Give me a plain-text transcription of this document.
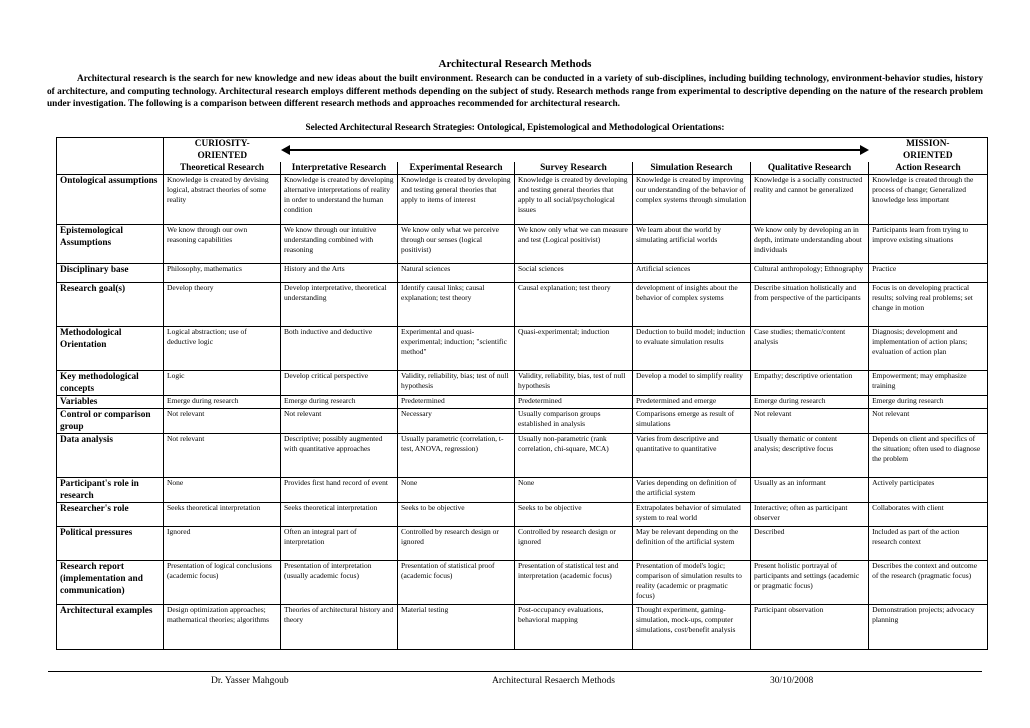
Architectural Research Methods
Architectural research is the search for new knowledge and new ideas about the built environment. Research can be conducted in a variety of sub-disciplines, including building technology, environment-behavior studies, history of architecture, and computing technology. Architectural research employs different methods depending on the subject of study. Research methods range from experimental to descriptive depending on the nature of the research problem under investigation. The following is a comparison between different research methods and approaches recommended for architectural research.
Selected Architectural Research Strategies: Ontological, Epistemological and Methodological Orientations:
	CURIOSITY-ORIENTED						MISSION-ORIENTED
	Theoretical Research	Interpretative Research	Experimental Research	Survey Research	Simulation Research	Qualitative Research	Action Research
Ontological assumptions	Knowledge is created by devising logical, abstract theories of some reality	Knowledge is created by developing alternative interpretations of reality in order to understand the human condition	Knowledge is created by developing and testing general theories that apply to items of interest	Knowledge is created by developing and testing general theories that apply to all social/psychological issues	Knowledge is created by improving our understanding of the behavior of complex systems through simulation	Knowledge is a socially constructed reality and cannot be generalized	Knowledge is created through the process of change; Generalized knowledge less important
Epistemological Assumptions	We know through our own reasoning capabilities	We know through our intuitive understanding combined with reasoning	We know only what we perceive through our senses (logical positivist)	We know only what we can measure and test (Logical positivist)	We learn about the world by simulating artificial worlds	We know only by developing an in depth, intimate understanding about individuals	Participants learn from trying to improve existing situations
Disciplinary base	Philosophy, mathematics	History and the Arts	Natural sciences	Social sciences	Artificial sciences	Cultural anthropology; Ethnography	Practice
Research goal(s)	Develop theory	Develop interpretative, theoretical understanding	Identify causal links; causal explanation; test theory	Causal explanation; test theory	development of insights about the behavior of complex systems	Describe situation holistically and from perspective of the participants	Focus is on developing practical results; solving real problems; set change in motion
Methodological Orientation	Logical abstraction; use of deductive logic	Both inductive and deductive	Experimental and quasi-experimental; induction; "scientific method"	Quasi-experimental; induction	Deduction to build model; induction to evaluate simulation results	Case studies; thematic/content analysis	Diagnosis; development and implementation of action plans; evaluation of action plan
Key methodological concepts	Logic	Develop critical perspective	Validity, reliability, bias; test of null hypothesis	Validity, reliability, bias, test of null hypothesis	Develop a model to simplify reality	Empathy; descriptive orientation	Empowerment; may emphasize training
Variables	Emerge during research	Emerge during research	Predetermined	Predetermined	Predetermined and emerge	Emerge during research	Emerge during research
Control or comparison group	Not relevant	Not relevant	Necessary	Usually comparison groups established in analysis	Comparisons emerge as result of simulations	Not relevant	Not relevant
Data analysis	Not relevant	Descriptive; possibly augmented with quantitative approaches	Usually parametric (correlation, t-test, ANOVA, regression)	Usually non-parametric (rank correlation, chi-square, MCA)	Varies from descriptive and quantitative to quantitative	Usually thematic or content analysis; descriptive focus	Depends on client and specifics of the situation; often used to diagnose the problem
Participant's role in research	None	Provides first hand record of event	None	None	Varies depending on definition of the artificial system	Usually as an informant	Actively participates
Researcher's role	Seeks theoretical interpretation	Seeks theoretical interpretation	Seeks to be objective	Seeks to be objective	Extrapolates behavior of simulated system to real world	Interactive; often as participant observer	Collaborates with client
Political pressures	Ignored	Often an integral part of interpretation	Controlled by research design or ignored	Controlled by research design or ignored	May be relevant depending on the definition of the artificial system	Described	Included as part of the action research context
Research report (implementation and communication)	Presentation of logical conclusions (academic focus)	Presentation of interpretation (usually academic focus)	Presentation of statistical proof (academic focus)	Presentation of statistical test and interpretation (academic focus)	Presentation of model's logic; comparison of simulation results to reality (academic or pragmatic focus)	Present holistic portrayal of participants and settings (academic or pragmatic focus)	Describes the context and outcome of the research (pragmatic focus)
Architectural examples	Design optimization approaches; mathematical theories; algorithms	Theories of architectural history and theory	Material testing	Post-occupancy evaluations, behavioral mapping	Thought experiment, gaming-simulation, mock-ups, computer simulations, cost/benefit analysis	Participant observation	Demonstration projects; advocacy planning
Dr. Yasser Mahgoub	Architectural Resaerch Methods	30/10/2008
